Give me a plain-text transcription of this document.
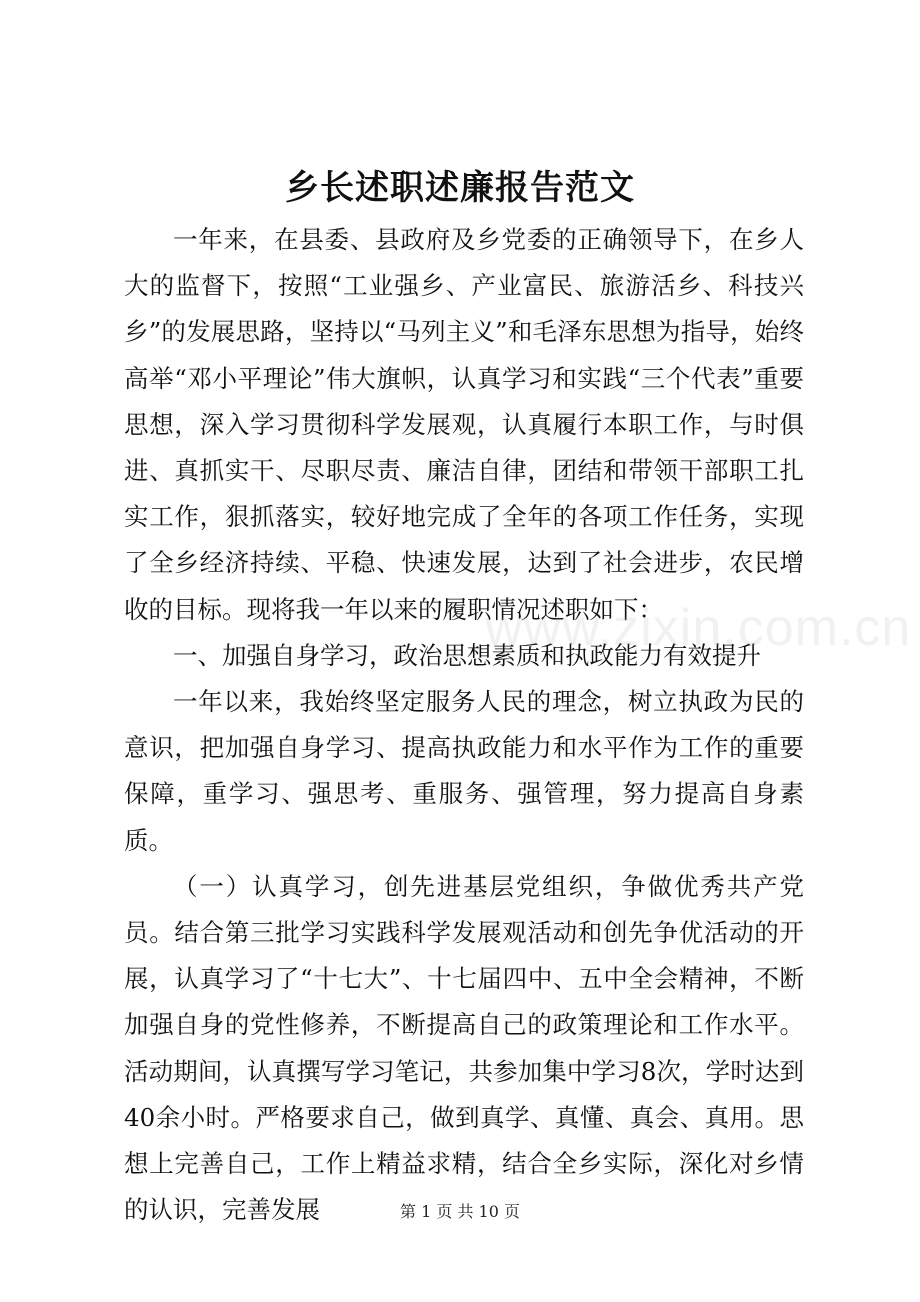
乡长述职述廉报告范文

一年来，在县委、县政府及乡党委的正确领导下，在乡人大的监督下，按照“工业强乡、产业富民、旅游活乡、科技兴乡”的发展思路，坚持以“马列主义”和毛泽东思想为指导，始终高举“邓小平理论”伟大旗帜，认真学习和实践“三个代表”重要思想，深入学习贯彻科学发展观，认真履行本职工作，与时俱进、真抓实干、尽职尽责、廉洁自律，团结和带领干部职工扎实工作，狠抓落实，较好地完成了全年的各项工作任务，实现了全乡经济持续、平稳、快速发展，达到了社会进步，农民增收的目标。现将我一年以来的履职情况述职如下：

一、加强自身学习，政治思想素质和执政能力有效提升

一年以来，我始终坚定服务人民的理念，树立执政为民的意识，把加强自身学习、提高执政能力和水平作为工作的重要保障，重学习、强思考、重服务、强管理，努力提高自身素质。

（一）认真学习，创先进基层党组织，争做优秀共产党员。结合第三批学习实践科学发展观活动和创先争优活动的开展，认真学习了“十七大”、十七届四中、五中全会精神，不断加强自身的党性修养，不断提高自己的政策理论和工作水平。活动期间，认真撰写学习笔记，共参加集中学习8次，学时达到40余小时。严格要求自己，做到真学、真懂、真会、真用。思想上完善自己，工作上精益求精，结合全乡实际，深化对乡情的认识，完善发展

www.zixin.com.cn
第 1 页 共 10 页
